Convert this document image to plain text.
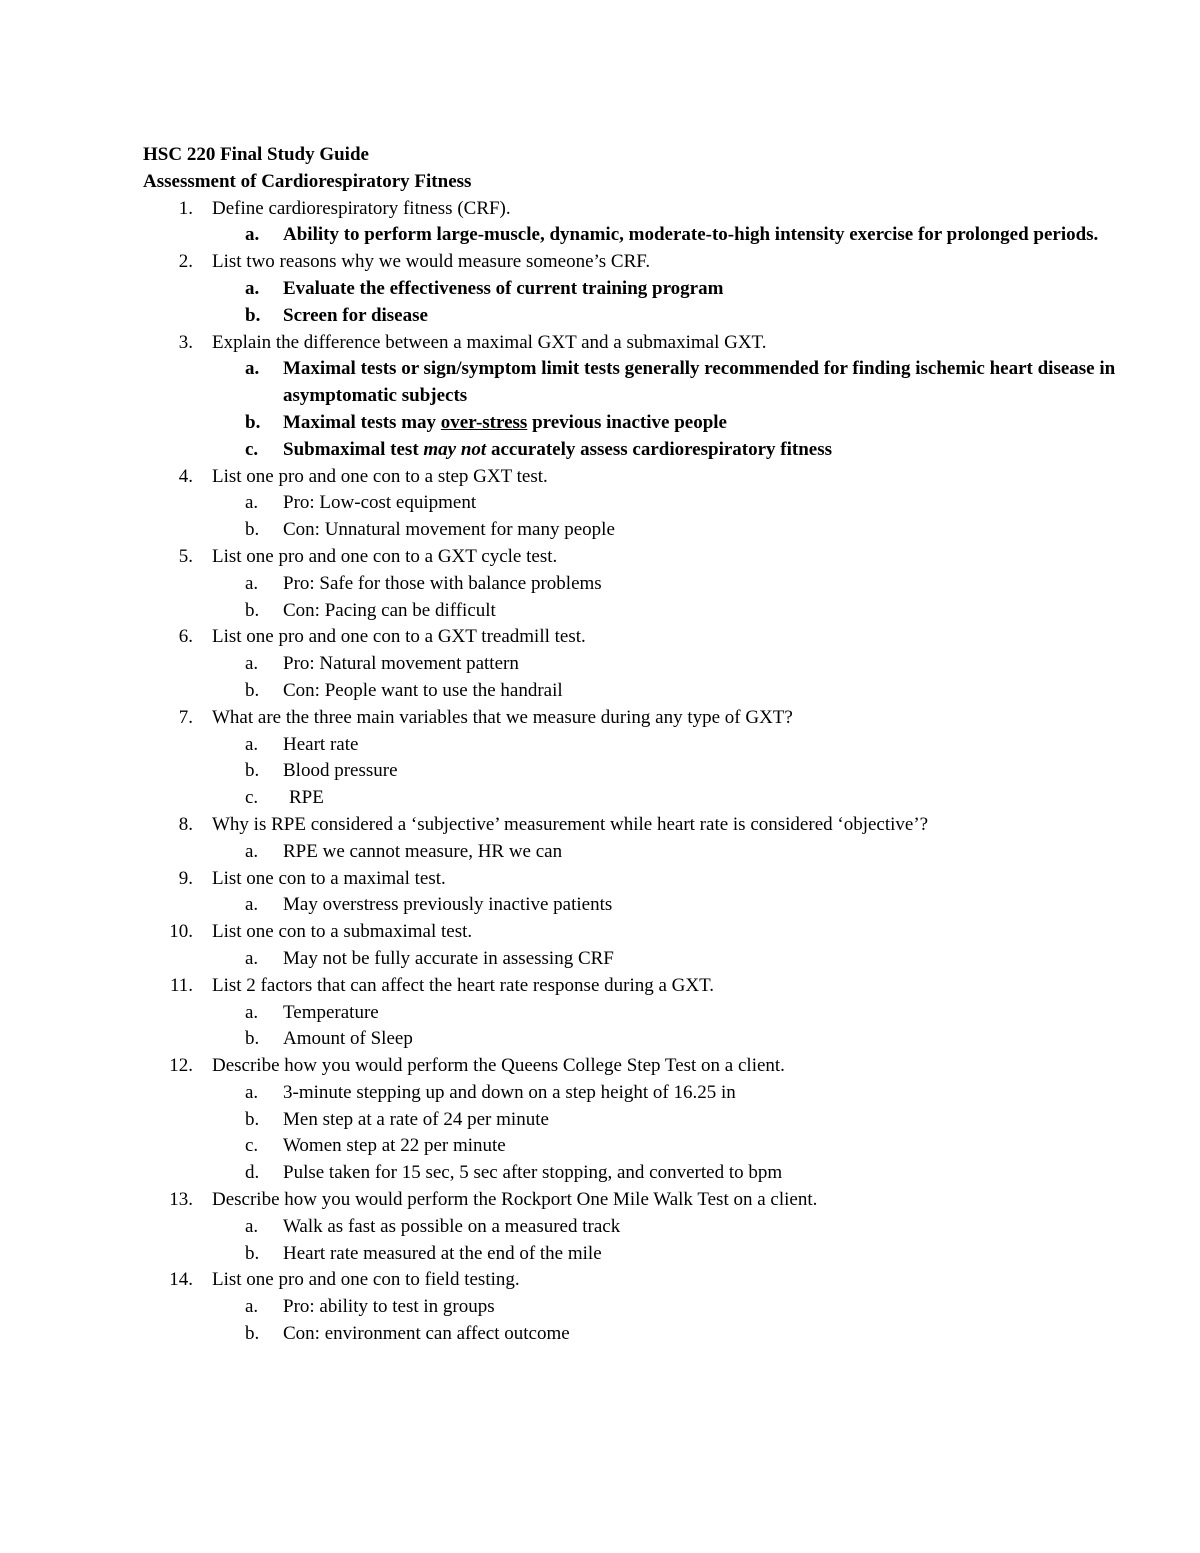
HSC 220 Final Study Guide
Assessment of Cardiorespiratory Fitness
1. Define cardiorespiratory fitness (CRF).
a. Ability to perform large-muscle, dynamic, moderate-to-high intensity exercise for prolonged periods.
2. List two reasons why we would measure someone’s CRF.
a. Evaluate the effectiveness of current training program
b. Screen for disease
3. Explain the difference between a maximal GXT and a submaximal GXT.
a. Maximal tests or sign/symptom limit tests generally recommended for finding ischemic heart disease in asymptomatic subjects
b. Maximal tests may over-stress previous inactive people
c. Submaximal test may not accurately assess cardiorespiratory fitness
4. List one pro and one con to a step GXT test.
a. Pro: Low-cost equipment
b. Con: Unnatural movement for many people
5. List one pro and one con to a GXT cycle test.
a. Pro: Safe for those with balance problems
b. Con: Pacing can be difficult
6. List one pro and one con to a GXT treadmill test.
a. Pro: Natural movement pattern
b. Con: People want to use the handrail
7. What are the three main variables that we measure during any type of GXT?
a. Heart rate
b. Blood pressure
c. RPE
8. Why is RPE considered a ‘subjective’ measurement while heart rate is considered ‘objective’?
a. RPE we cannot measure, HR we can
9. List one con to a maximal test.
a. May overstress previously inactive patients
10. List one con to a submaximal test.
a. May not be fully accurate in assessing CRF
11. List 2 factors that can affect the heart rate response during a GXT.
a. Temperature
b. Amount of Sleep
12. Describe how you would perform the Queens College Step Test on a client.
a. 3-minute stepping up and down on a step height of 16.25 in
b. Men step at a rate of 24 per minute
c. Women step at 22 per minute
d. Pulse taken for 15 sec, 5 sec after stopping, and converted to bpm
13. Describe how you would perform the Rockport One Mile Walk Test on a client.
a. Walk as fast as possible on a measured track
b. Heart rate measured at the end of the mile
14. List one pro and one con to field testing.
a. Pro: ability to test in groups
b. Con: environment can affect outcome
